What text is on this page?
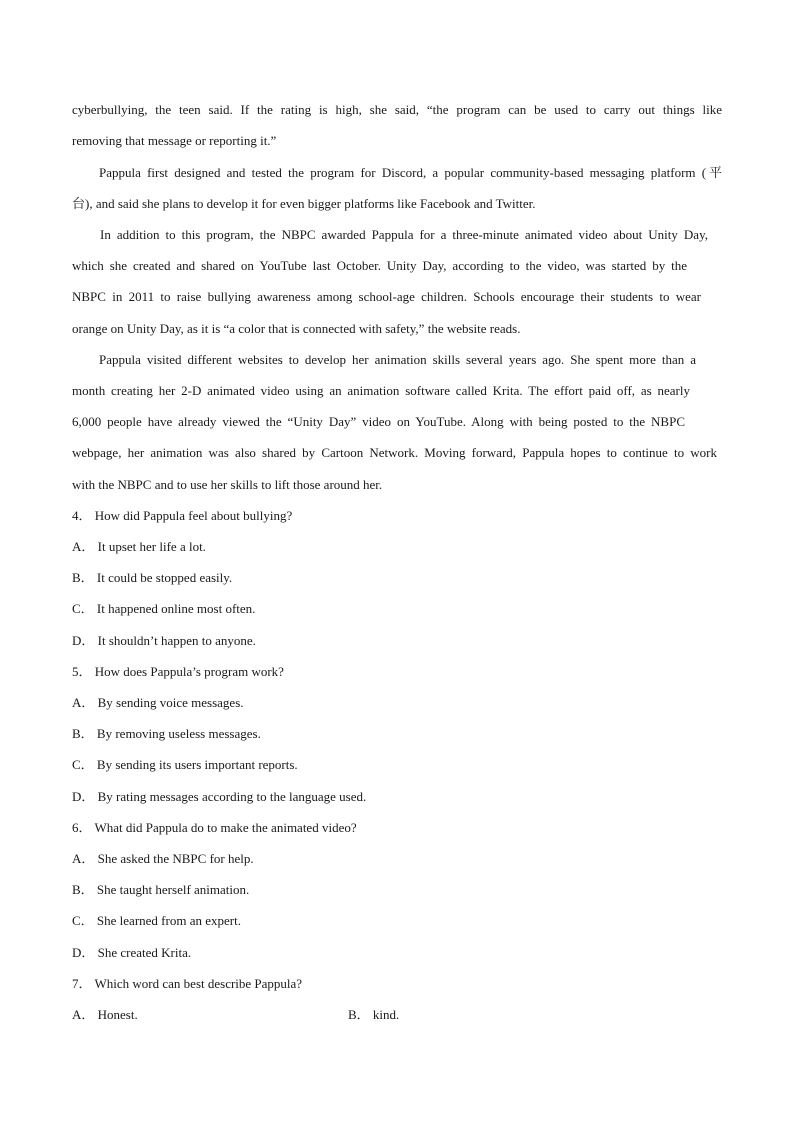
cyberbullying, the teen said. If the rating is high, she said, “the program can be used to carry out things like
removing that message or reporting it.”
Pappula first designed and tested the program for Discord, a popular community-based messaging platform (平
台), and said she plans to develop it for even bigger platforms like Facebook and Twitter.
In addition to this program, the NBPC awarded Pappula for a three-minute animated video about Unity Day,
which she created and shared on YouTube last October. Unity Day, according to the video, was started by the
NBPC in 2011 to raise bullying awareness among school-age children. Schools encourage their students to wear
orange on Unity Day, as it is “a color that is connected with safety,” the website reads.
Pappula visited different websites to develop her animation skills several years ago. She spent more than a
month creating her 2-D animated video using an animation software called Krita. The effort paid off, as nearly
6,000 people have already viewed the “Unity Day” video on YouTube. Along with being posted to the NBPC
webpage, her animation was also shared by Cartoon Network. Moving forward, Pappula hopes to continue to work
with the NBPC and to use her skills to lift those around her.
4． How did Pappula feel about bullying?
A． It upset her life a lot.
B． It could be stopped easily.
C． It happened online most often.
D． It shouldn’t happen to anyone.
5． How does Pappula’s program work?
A． By sending voice messages.
B． By removing useless messages.
C． By sending its users important reports.
D． By rating messages according to the language used.
6． What did Pappula do to make the animated video?
A． She asked the NBPC for help.
B． She taught herself animation.
C． She learned from an expert.
D． She created Krita.
7． Which word can best describe Pappula?
A． Honest.	B． kind.
